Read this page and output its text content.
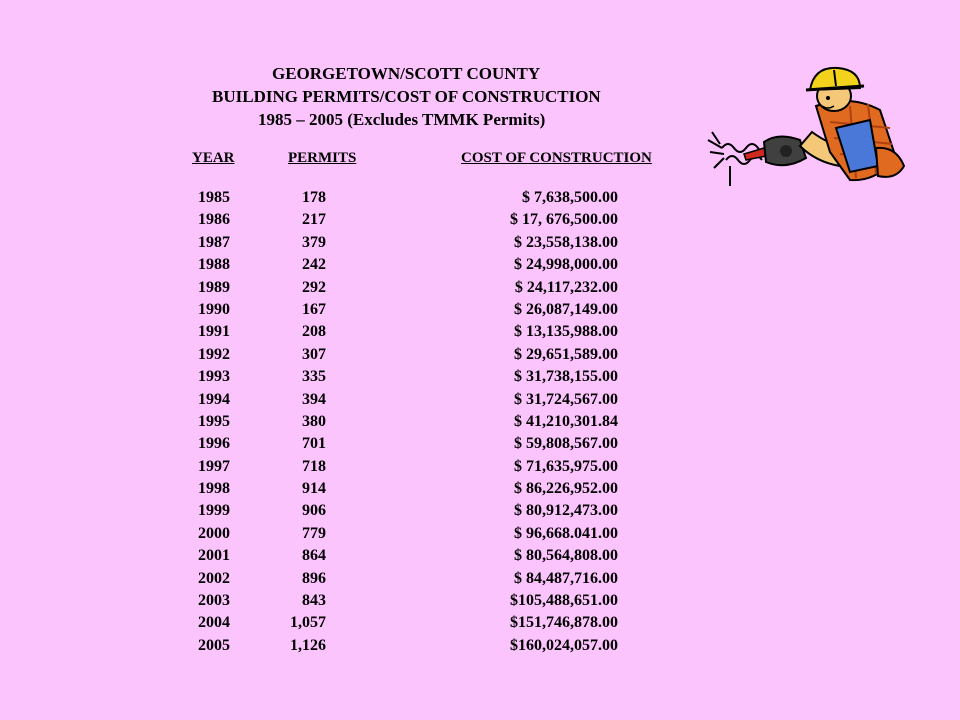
GEORGETOWN/SCOTT COUNTY
BUILDING PERMITS/COST OF CONSTRUCTION
1985 – 2005 (Excludes TMMK Permits)
YEAR	PERMITS	COST OF CONSTRUCTION
1985	178	$ 7,638,500.00
1986	217	$ 17, 676,500.00
1987	379	$ 23,558,138.00
1988	242	$ 24,998,000.00
1989	292	$ 24,117,232.00
1990	167	$ 26,087,149.00
1991	208	$ 13,135,988.00
1992	307	$ 29,651,589.00
1993	335	$ 31,738,155.00
1994	394	$ 31,724,567.00
1995	380	$ 41,210,301.84
1996	701	$ 59,808,567.00
1997	718	$ 71,635,975.00
1998	914	$ 86,226,952.00
1999	906	$ 80,912,473.00
2000	779	$ 96,668.041.00
2001	864	$ 80,564,808.00
2002	896	$ 84,487,716.00
2003	843	$105,488,651.00
2004	1,057	$151,746,878.00
2005	1,126	$160,024,057.00
